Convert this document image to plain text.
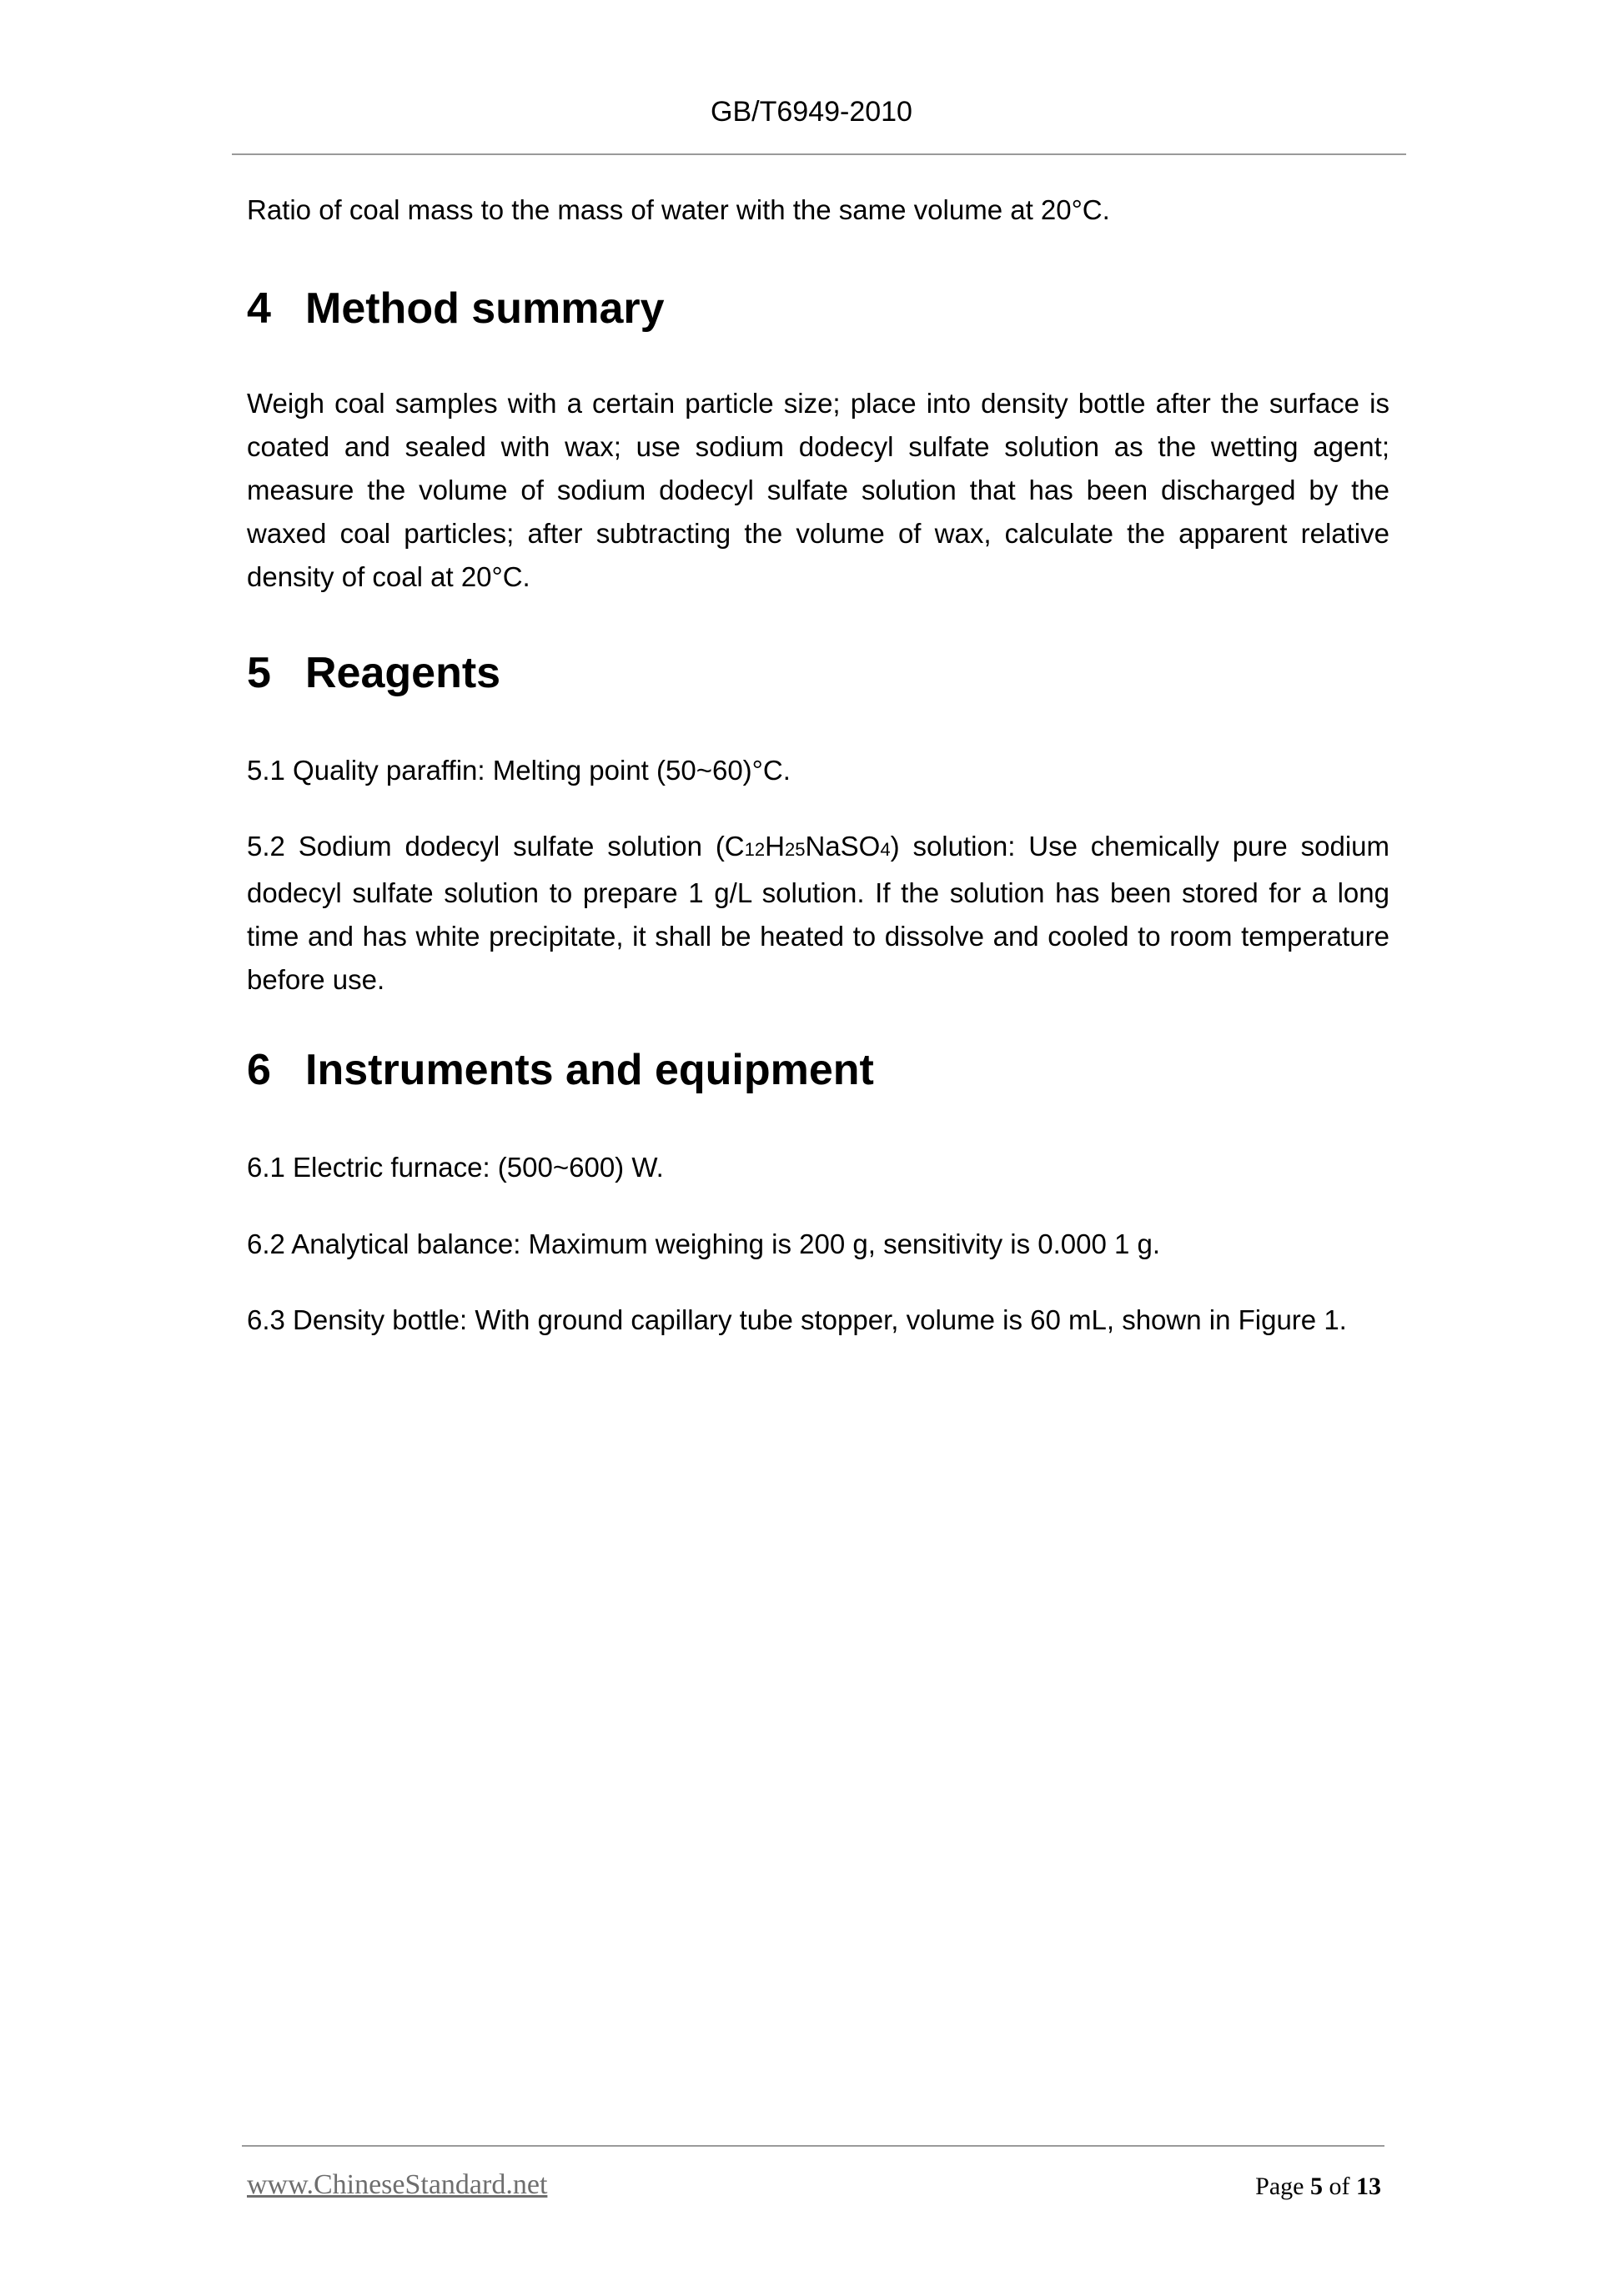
GB/T6949-2010

Ratio of coal mass to the mass of water with the same volume at 20°C.

4 Method summary

Weigh coal samples with a certain particle size; place into density bottle after the surface is coated and sealed with wax; use sodium dodecyl sulfate solution as the wetting agent; measure the volume of sodium dodecyl sulfate solution that has been discharged by the waxed coal particles; after subtracting the volume of wax, calculate the apparent relative density of coal at 20°C.

5 Reagents

5.1 Quality paraffin: Melting point (50~60)°C.

5.2 Sodium dodecyl sulfate solution (C12H25NaSO4) solution: Use chemically pure sodium dodecyl sulfate solution to prepare 1 g/L solution. If the solution has been stored for a long time and has white precipitate, it shall be heated to dissolve and cooled to room temperature before use.

6 Instruments and equipment

6.1 Electric furnace: (500~600) W.

6.2 Analytical balance: Maximum weighing is 200 g, sensitivity is 0.000 1 g.

6.3 Density bottle: With ground capillary tube stopper, volume is 60 mL, shown in Figure 1.

www.ChineseStandard.net	Page 5 of 13
